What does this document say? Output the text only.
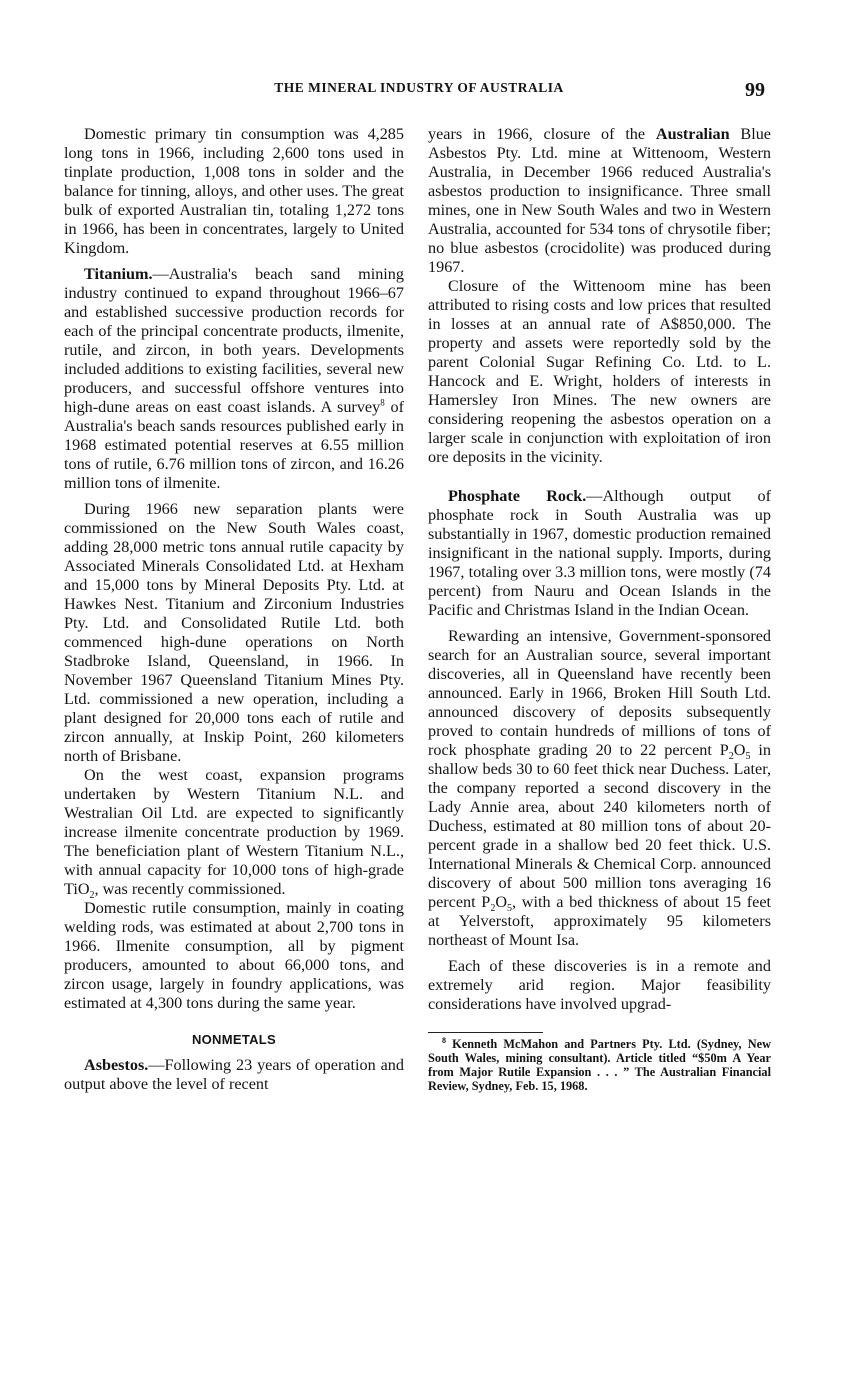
THE MINERAL INDUSTRY OF AUSTRALIA	99

Domestic primary tin consumption was 4,285 long tons in 1966, including 2,600 tons used in tinplate production, 1,008 tons in solder and the balance for tinning, alloys, and other uses. The great bulk of exported Australian tin, totaling 1,272 tons in 1966, has been in concentrates, largely to United Kingdom.

Titanium.—Australia's beach sand mining industry continued to expand throughout 1966–67 and established successive production records for each of the principal concentrate products, ilmenite, rutile, and zircon, in both years. Developments included additions to existing facilities, several new producers, and successful offshore ventures into high-dune areas on east coast islands. A survey$^8$ of Australia's beach sands resources published early in 1968 estimated potential reserves at 6.55 million tons of rutile, 6.76 million tons of zircon, and 16.26 million tons of ilmenite.

During 1966 new separation plants were commissioned on the New South Wales coast, adding 28,000 metric tons annual rutile capacity by Associated Minerals Consolidated Ltd. at Hexham and 15,000 tons by Mineral Deposits Pty. Ltd. at Hawkes Nest. Titanium and Zirconium Industries Pty. Ltd. and Consolidated Rutile Ltd. both commenced high-dune operations on North Stadbroke Island, Queensland, in 1966. In November 1967 Queensland Titanium Mines Pty. Ltd. commissioned a new operation, including a plant designed for 20,000 tons each of rutile and zircon annually, at Inskip Point, 260 kilometers north of Brisbane.

On the west coast, expansion programs undertaken by Western Titanium N.L. and Westralian Oil Ltd. are expected to significantly increase ilmenite concentrate production by 1969. The beneficiation plant of Western Titanium N.L., with annual capacity for 10,000 tons of high-grade TiO$_2$, was recently commissioned.

Domestic rutile consumption, mainly in coating welding rods, was estimated at about 2,700 tons in 1966. Ilmenite consumption, all by pigment producers, amounted to about 66,000 tons, and zircon usage, largely in foundry applications, was estimated at 4,300 tons during the same year.

NONMETALS

Asbestos.—Following 23 years of operation and output above the level of recent

years in 1966, closure of the Australian Blue Asbestos Pty. Ltd. mine at Wittenoom, Western Australia, in December 1966 reduced Australia's asbestos production to insignificance. Three small mines, one in New South Wales and two in Western Australia, accounted for 534 tons of chrysotile fiber; no blue asbestos (crocidolite) was produced during 1967.

Closure of the Wittenoom mine has been attributed to rising costs and low prices that resulted in losses at an annual rate of A$850,000. The property and assets were reportedly sold by the parent Colonial Sugar Refining Co. Ltd. to L. Hancock and E. Wright, holders of interests in Hamersley Iron Mines. The new owners are considering reopening the asbestos operation on a larger scale in conjunction with exploitation of iron ore deposits in the vicinity.

Phosphate Rock.—Although output of phosphate rock in South Australia was up substantially in 1967, domestic production remained insignificant in the national supply. Imports, during 1967, totaling over 3.3 million tons, were mostly (74 percent) from Nauru and Ocean Islands in the Pacific and Christmas Island in the Indian Ocean.

Rewarding an intensive, Government-sponsored search for an Australian source, several important discoveries, all in Queensland have recently been announced. Early in 1966, Broken Hill South Ltd. announced discovery of deposits subsequently proved to contain hundreds of millions of tons of rock phosphate grading 20 to 22 percent $P_2O_5$ in shallow beds 30 to 60 feet thick near Duchess. Later, the company reported a second discovery in the Lady Annie area, about 240 kilometers north of Duchess, estimated at 80 million tons of about 20-percent grade in a shallow bed 20 feet thick. U.S. International Minerals & Chemical Corp. announced discovery of about 500 million tons averaging 16 percent $P_2O_5$, with a bed thickness of about 15 feet at Yelverstoft, approximately 95 kilometers northeast of Mount Isa.

Each of these discoveries is in a remote and extremely arid region. Major feasibility considerations have involved upgrad-

$^8$ Kenneth McMahon and Partners Pty. Ltd. (Sydney, New South Wales, mining consultant). Article titled “$50m A Year from Major Rutile Expansion . . . ” The Australian Financial Review, Sydney, Feb. 15, 1968.
